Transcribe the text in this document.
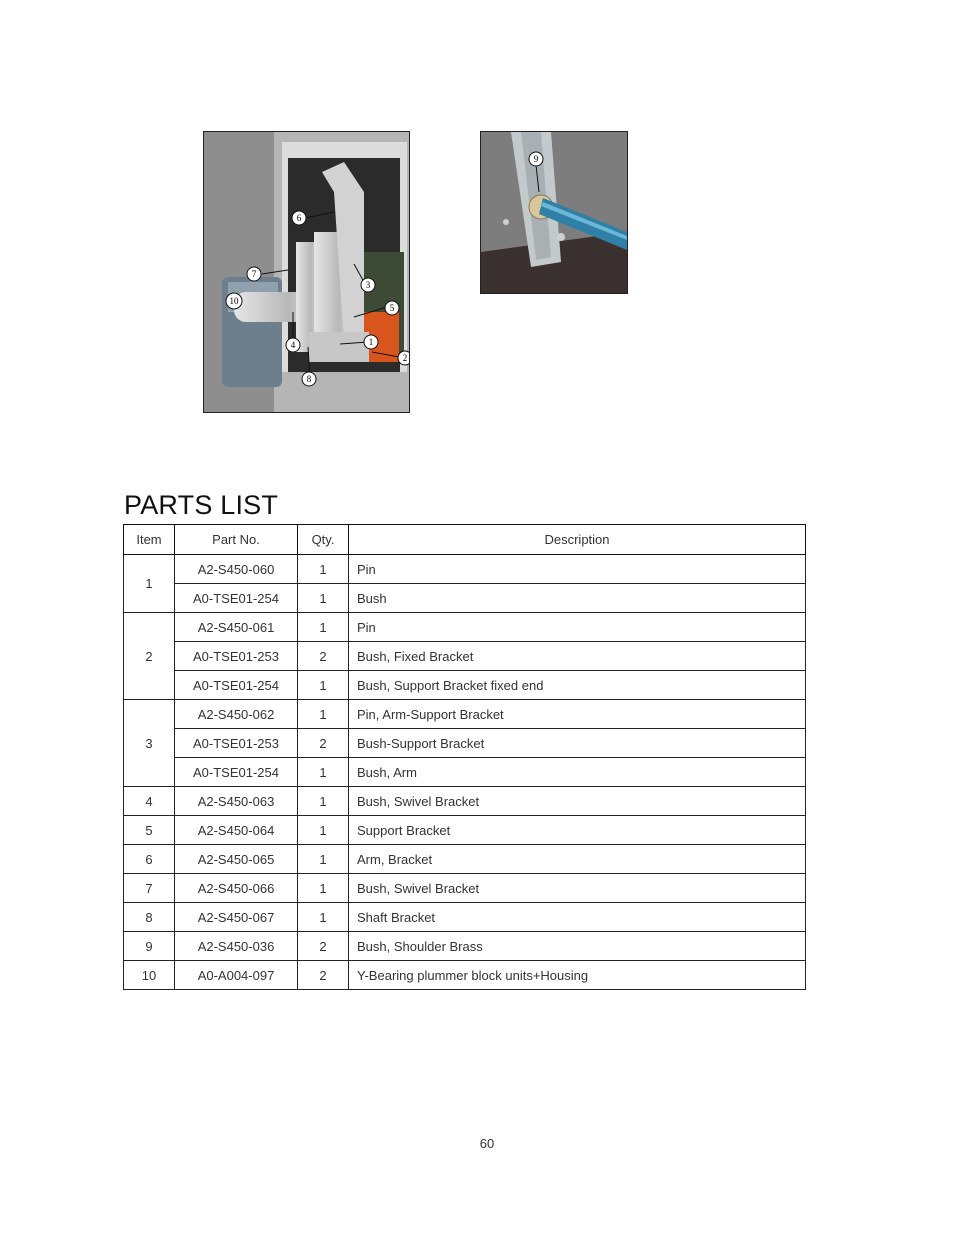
6
7
10
3
5
4	1
2
8
9
PARTS LIST
Item	Part No.	Qty.	Description
1	A2-S450-060	1	Pin
	A0-TSE01-254	1	Bush
2	A2-S450-061	1	Pin
	A0-TSE01-253	2	Bush, Fixed Bracket
	A0-TSE01-254	1	Bush, Support Bracket fixed end
3	A2-S450-062	1	Pin, Arm-Support Bracket
	A0-TSE01-253	2	Bush-Support Bracket
	A0-TSE01-254	1	Bush, Arm
4	A2-S450-063	1	Bush, Swivel Bracket
5	A2-S450-064	1	Support Bracket
6	A2-S450-065	1	Arm, Bracket
7	A2-S450-066	1	Bush, Swivel Bracket
8	A2-S450-067	1	Shaft Bracket
9	A2-S450-036	2	Bush, Shoulder Brass
10	A0-A004-097	2	Y-Bearing plummer block units+Housing
60
